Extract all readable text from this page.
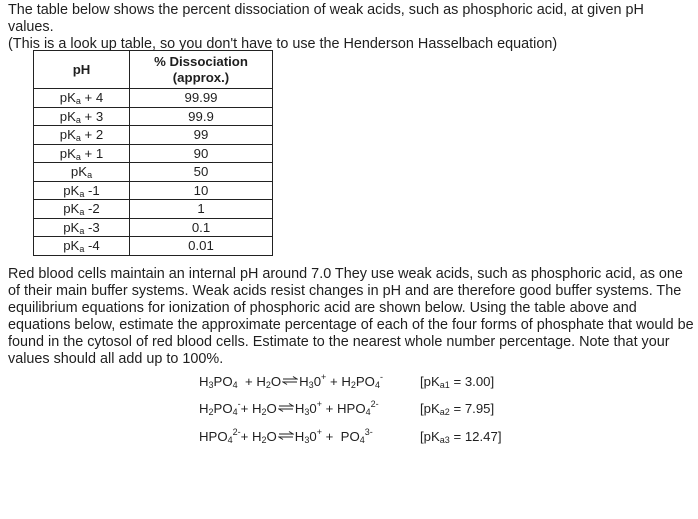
The table below shows the percent dissociation of weak acids, such as phosphoric acid, at given pH values.
(This is a look up table, so you don't have to use the Henderson Hasselbach equation)

pH	% Dissociation
(approx.)
$pK_a + 4$	99.99
$pK_a + 3$	99.9
$pK_a + 2$	99
$pK_a + 1$	90
$pK_a$	50
$pK_a$ -1	10
$pK_a$ -2	1
$pK_a$ -3	0.1
$pK_a$ -4	0.01

Red blood cells maintain an internal pH around 7.0 They use weak acids, such as phosphoric acid, as one of their main buffer systems. Weak acids resist changes in pH and are therefore good buffer systems. The equilibrium equations for ionization of phosphoric acid are shown below. Using the table above and equations below, estimate the approximate percentage of each of the four forms of phosphate that would be found in the cytosol of red blood cells. Estimate to the nearest whole number percentage. Note that your values should all add up to 100%.

$H_3PO_4$  + $H_2O\rightleftharpoons H_30^+ + H_2PO_4^-$	$[pK_{a1} = 3.00]$
$H_2PO_4^-+$ $H_2O\rightleftharpoons H_30^+ + HPO_4^{2-}$	$[pK_{a2} = 7.95]$
$HPO_4^{2-}+$ $H_2O\rightleftharpoons H_30^+ + PO_4^{3-}$	$[pK_{a3} = 12.47]$
